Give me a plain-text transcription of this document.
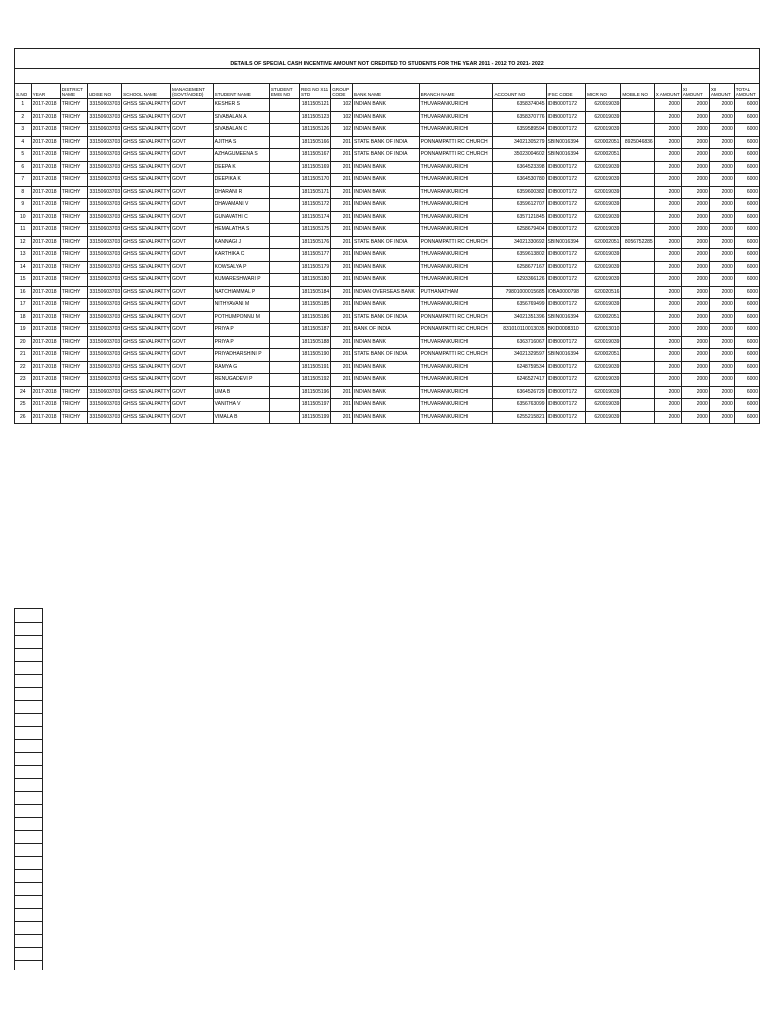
DETAILS OF SPECIAL CASH INCENTIVE AMOUNT NOT CREDITED TO STUDENTS FOR THE YEAR 2011 - 2012 TO 2021- 2022																			

S.NO	YEAR	DISTRICT NAME	UDISE NO	SCHOOL NAME	MANAGEMENT (GOVT/AIDED)	STUDENT NAME	STUDENT EMIS NO	REG NO X11 STD	GROUP CODE	BANK NAME	BRANCH NAME	ACCOUNT NO	IFSC CODE	MICR NO	MOBILE NO	X AMOUNT	XI AMOUNT	XII AMOUNT	TOTAL AMOUNT
1	2017-2018	TRICHY	33150603703	GHSS SEVALPATTY	GOVT	KESHER S		1811505121	102	INDIAN BANK	THUVARANKURICHI	6358374045	IDIB000T172	620019039		2000	2000	2000	6000
2	2017-2018	TRICHY	33150603703	GHSS SEVALPATTY	GOVT	SIVABALAN A		1811505123	102	INDIAN BANK	THUVARANKURICHI	6358370776	IDIB000T172	620019039		2000	2000	2000	6000
3	2017-2018	TRICHY	33150603703	GHSS SEVALPATTY	GOVT	SIVABALAN C		1811505126	102	INDIAN BANK	THUVARANKURICHI	6359589594	IDIB000T172	620019039		2000	2000	2000	6000
4	2017-2018	TRICHY	33150603703	GHSS SEVALPATTY	GOVT	AJITHA S		1811505166	201	STATE BANK OF INDIA	PONNAMPATTI RC CHURCH	34021305279	SBIN0016394	620002051	8925046836	2000	2000	2000	6000
5	2017-2018	TRICHY	33150603703	GHSS SEVALPATTY	GOVT	AZHAGUMEENA S		1811505167	201	STATE BANK OF INDIA	PONNAMPATTI RC CHURCH	35023004602	SBIN0016394	620002051		2000	2000	2000	6000
6	2017-2018	TRICHY	33150603703	GHSS SEVALPATTY	GOVT	DEEPA K		1811505169	201	INDIAN BANK	THUVARANKURICHI	6364523398	IDIB000T172	620019039		2000	2000	2000	6000
7	2017-2018	TRICHY	33150603703	GHSS SEVALPATTY	GOVT	DEEPIKA K		1811505170	201	INDIAN BANK	THUVARANKURICHI	6364530780	IDIB000T172	620019039		2000	2000	2000	6000
8	2017-2018	TRICHY	33150603703	GHSS SEVALPATTY	GOVT	DHARANI R		1811505171	201	INDIAN BANK	THUVARANKURICHI	6359600382	IDIB000T172	620019039		2000	2000	2000	6000
9	2017-2018	TRICHY	33150603703	GHSS SEVALPATTY	GOVT	DHAVAMANI V		1811505172	201	INDIAN BANK	THUVARANKURICHI	6359612707	IDIB000T172	620019039		2000	2000	2000	6000
10	2017-2018	TRICHY	33150603703	GHSS SEVALPATTY	GOVT	GUNAVATHI C		1811505174	201	INDIAN BANK	THUVARANKURICHI	6357121845	IDIB000T172	620019039		2000	2000	2000	6000
11	2017-2018	TRICHY	33150603703	GHSS SEVALPATTY	GOVT	HEMALATHA S		1811505175	201	INDIAN BANK	THUVARANKURICHI	6258679404	IDIB000T172	620019039		2000	2000	2000	6000
12	2017-2018	TRICHY	33150603703	GHSS SEVALPATTY	GOVT	KANNAGI J		1811505176	201	STATE BANK OF INDIA	PONNAMPATTI RC CHURCH	34021330692	SBIN0016394	620002051	8056752285	2000	2000	2000	6000
13	2017-2018	TRICHY	33150603703	GHSS SEVALPATTY	GOVT	KARTHIKA C		1811505177	201	INDIAN BANK	THUVARANKURICHI	6359613802	IDIB000T172	620019039		2000	2000	2000	6000
14	2017-2018	TRICHY	33150603703	GHSS SEVALPATTY	GOVT	KOWSALYA P		1811505179	201	INDIAN BANK	THUVARANKURICHI	6258677167	IDIB000T172	620019039		2000	2000	2000	6000
15	2017-2018	TRICHY	33150603703	GHSS SEVALPATTY	GOVT	KUMARESHWARI P		1811505180	201	INDIAN BANK	THUVARANKURICHI	6293366126	IDIB000T172	620019039		2000	2000	2000	6000
16	2017-2018	TRICHY	33150603703	GHSS SEVALPATTY	GOVT	NATCHIAMMAL P		1811505184	201	INDIAN OVERSEAS BANK	PUTHANATHAM	79801000015685	IOBA0000798	620020516		2000	2000	2000	6000
17	2017-2018	TRICHY	33150603703	GHSS SEVALPATTY	GOVT	NITHYAVANI M		1811505185	201	INDIAN BANK	THUVARANKURICHI	6356769499	IDIB000T172	620019039		2000	2000	2000	6000
18	2017-2018	TRICHY	33150603703	GHSS SEVALPATTY	GOVT	POTHUMPONNU M		1811505186	201	STATE BANK OF INDIA	PONNAMPATTI RC CHURCH	34021351396	SBIN0016394	620002051		2000	2000	2000	6000
19	2017-2018	TRICHY	33150603703	GHSS SEVALPATTY	GOVT	PRIYA P		1811505187	201	BANK OF INDIA	PONNAMPATTI RC CHURCH	831010110013035	BKID0008310	620013010		2000	2000	2000	6000
20	2017-2018	TRICHY	33150603703	GHSS SEVALPATTY	GOVT	PRIYA P		1811505188	201	INDIAN BANK	THUVARANKURICHI	6363716067	IDIB000T172	620019039		2000	2000	2000	6000
21	2017-2018	TRICHY	33150603703	GHSS SEVALPATTY	GOVT	PRIYADHARSHINI P		1811505190	201	STATE BANK OF INDIA	PONNAMPATTI RC CHURCH	34021329597	SBIN0016394	620002051		2000	2000	2000	6000
22	2017-2018	TRICHY	33150603703	GHSS SEVALPATTY	GOVT	RAMYA G		1811505191	201	INDIAN BANK	THUVARANKURICHI	6248759534	IDIB000T172	620019039		2000	2000	2000	6000
23	2017-2018	TRICHY	33150603703	GHSS SEVALPATTY	GOVT	RENUGADEVI P		1811505192	201	INDIAN BANK	THUVARANKURICHI	6246527417	IDIB000T172	620019039		2000	2000	2000	6000
24	2017-2018	TRICHY	33150603703	GHSS SEVALPATTY	GOVT	UMA B		1811505196	201	INDIAN BANK	THUVARANKURICHI	6364526729	IDIB000T172	620019039		2000	2000	2000	6000
25	2017-2018	TRICHY	33150603703	GHSS SEVALPATTY	GOVT	VANITHA V		1811505197	201	INDIAN BANK	THUVARANKURICHI	6356763099	IDIB000T172	620019039		2000	2000	2000	6000
26	2017-2018	TRICHY	33150603703	GHSS SEVALPATTY	GOVT	VIMALA B		1811505199	201	INDIAN BANK	THUVARANKURICHI	6255215821	IDIB000T172	620019039		2000	2000	2000	6000
